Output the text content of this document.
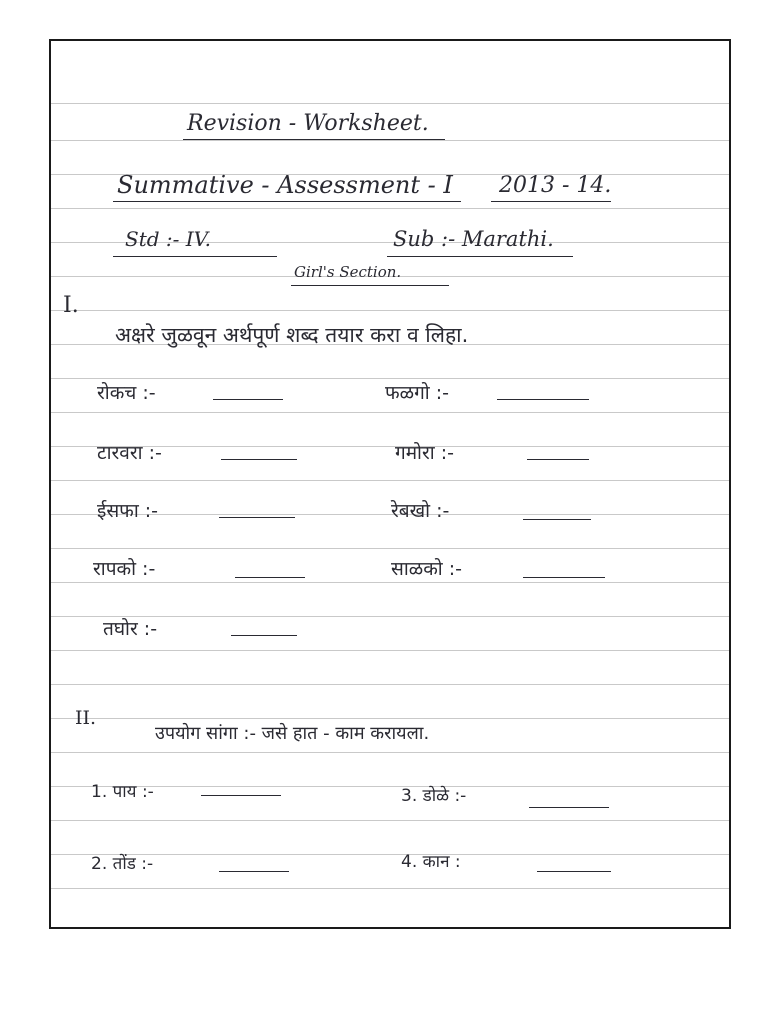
Revision - Worksheet.
Summative - Assessment - I 2013 - 14.
Std :- IV.	Sub :- Marathi.
Girl's Section.
I.
अक्षरे जुळवून अर्थपूर्ण शब्द तयार करा व लिहा.
रोकच :-	फळगो :-
टारवरा :-	गमोरा :-
ईसफा :-	रेबखो :-
रापको :-	साळको :-
तघोर :-
II.
उपयोग सांगा :- जसे हात - काम करायला.
1. पाय :-	3. डोळे :-
2. तोंड :-	4. कान :
